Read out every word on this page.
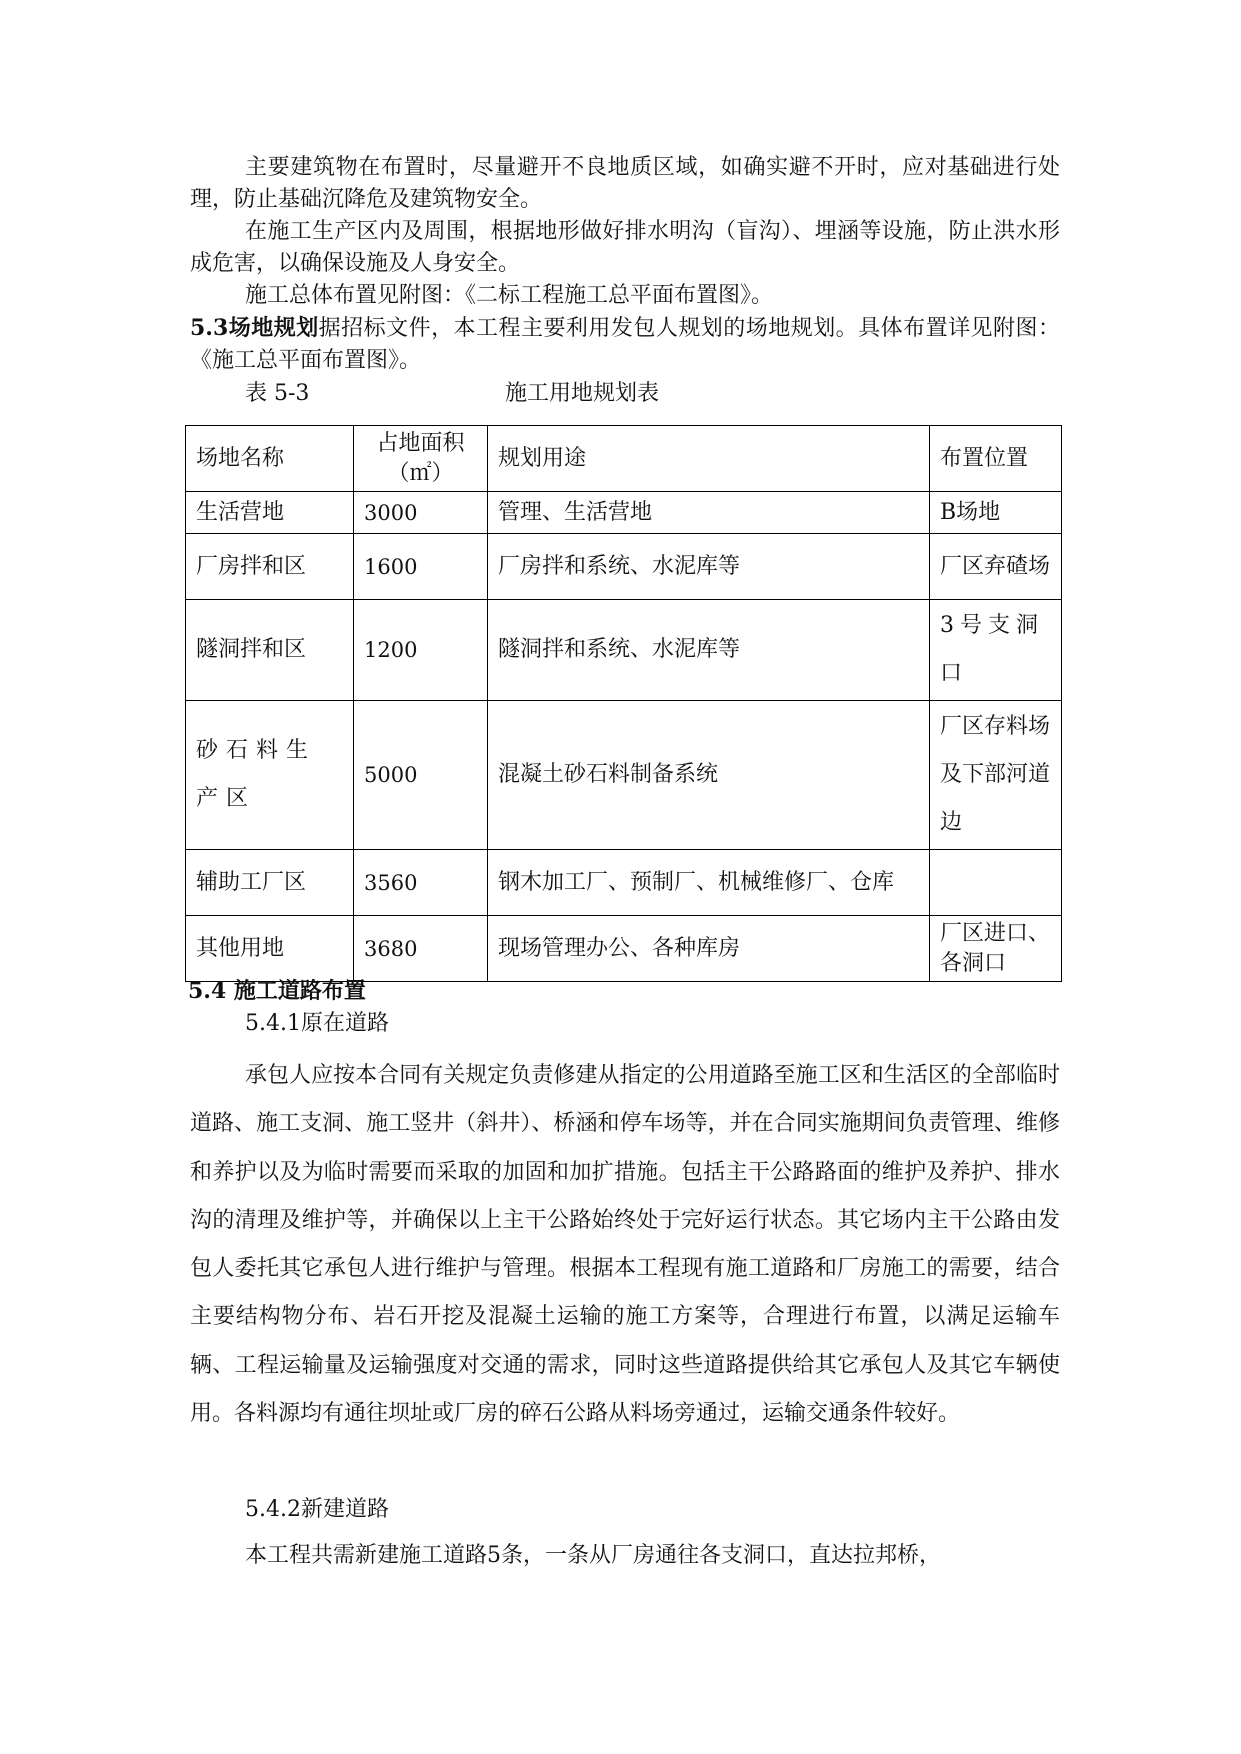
主要建筑物在布置时，尽量避开不良地质区域，如确实避不开时，应对基础进行处理，防止基础沉降危及建筑物安全。

在施工生产区内及周围，根据地形做好排水明沟（盲沟）、埋涵等设施，防止洪水形成危害，以确保设施及人身安全。

施工总体布置见附图：《二标工程施工总平面布置图》。

5.3场地规划据招标文件，本工程主要利用发包人规划的场地规划。具体布置详见附图：《施工总平面布置图》。

表 5-3	施工用地规划表
场地名称	占地面积（㎡）	规划用途	布置位置
生活营地	3000	管理、生活营地	B场地
厂房拌和区	1600	厂房拌和系统、水泥库等	厂区弃碴场
隧洞拌和区	1200	隧洞拌和系统、水泥库等	3号支洞口
砂石料生产区	5000	混凝土砂石料制备系统	厂区存料场及下部河道边
辅助工厂区	3560	钢木加工厂、预制厂、机械维修厂、仓库	
其他用地	3680	现场管理办公、各种库房	厂区进口、各洞口
5.4 施工道路布置

5.4.1原在道路

承包人应按本合同有关规定负责修建从指定的公用道路至施工区和生活区的全部临时道路、施工支洞、施工竖井（斜井）、桥涵和停车场等，并在合同实施期间负责管理、维修和养护以及为临时需要而采取的加固和加扩措施。包括主干公路路面的维护及养护、排水沟的清理及维护等，并确保以上主干公路始终处于完好运行状态。其它场内主干公路由发包人委托其它承包人进行维护与管理。根据本工程现有施工道路和厂房施工的需要，结合主要结构物分布、岩石开挖及混凝土运输的施工方案等，合理进行布置，以满足运输车辆、工程运输量及运输强度对交通的需求，同时这些道路提供给其它承包人及其它车辆使用。各料源均有通往坝址或厂房的碎石公路从料场旁通过，运输交通条件较好。

5.4.2新建道路

本工程共需新建施工道路5条，一条从厂房通往各支洞口，直达拉邦桥，
